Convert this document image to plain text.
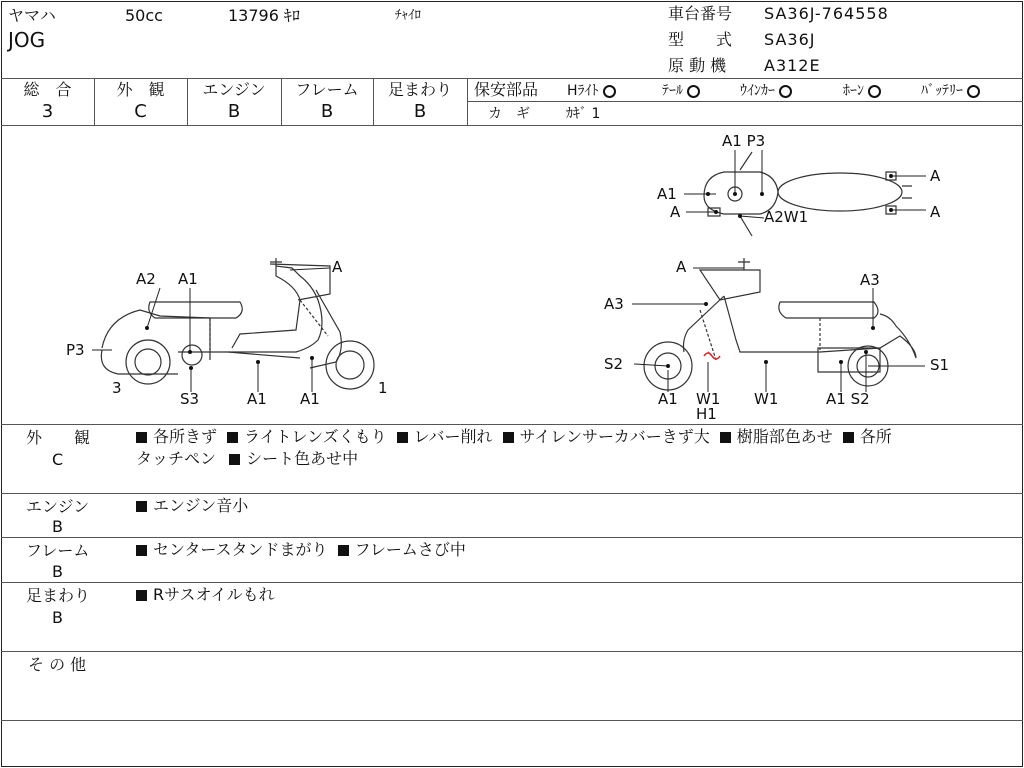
ヤマハ	50cc	13796 ｷﾛ	ﾁｬｲﾛ
JOG
車台番号 SA36J-764558
型　　式 SA36J
原 動 機 A312E
総　合
3
外　観
C
エンジン
B
フレーム
B
足まわり
B
保安部品 Hﾗｲﾄ	ﾃｰﾙ	ｳｲﾝｶｰ	ﾎｰﾝ	ﾊﾞｯﾃﾘｰ
カ　ギ	ｶｷﾞ 1
A2 A1
A
P3
3
S3	A1 A1
1
A
A3
A3
S2	S1
A1 W1
H1
W1	A1 S2
A1 P3
A1
A	A2W1
A
A
外　　観
C
各所きず ライトレンズくもり レバー削れ サイレンサーカバーきず大 樹脂部色あせ 各所
タッチペン シート色あせ中
エンジン
B
エンジン音小
フレーム
B
センタースタンドまがり フレームさび中
足まわり
B
Rサスオイルもれ
そ の 他
